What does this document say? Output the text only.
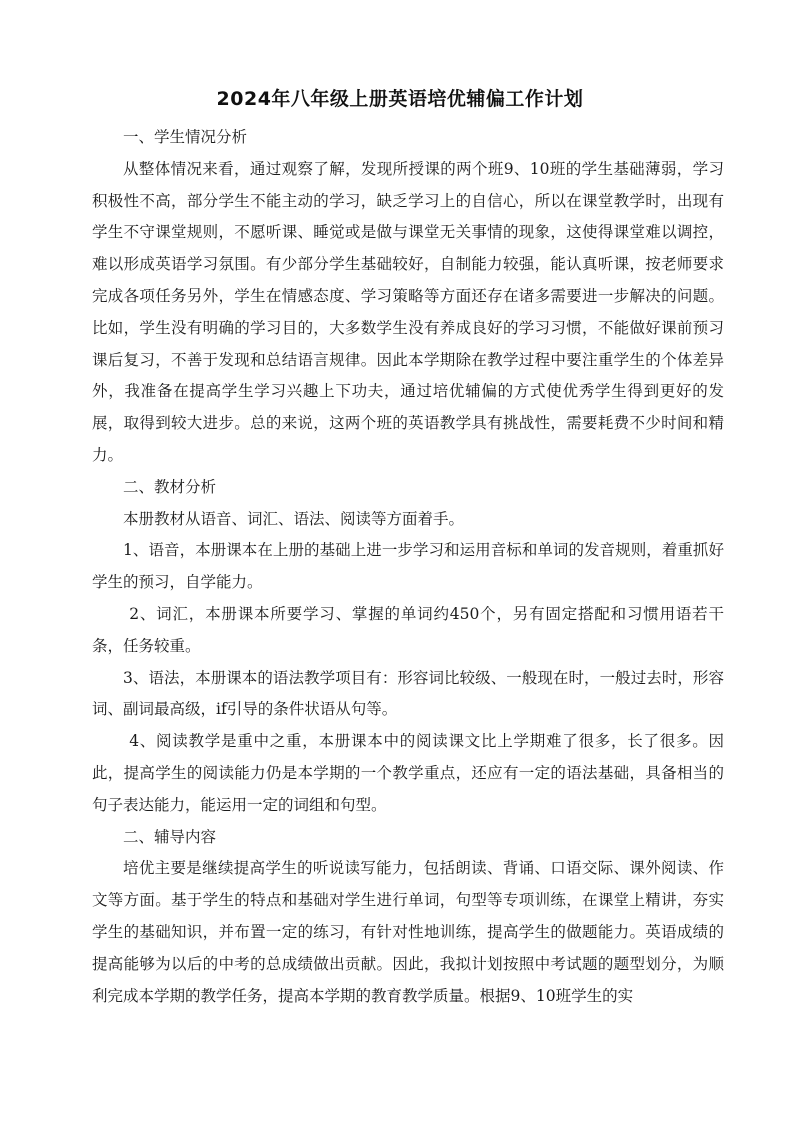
2024年八年级上册英语培优辅偏工作计划

一、学生情况分析

从整体情况来看，通过观察了解，发现所授课的两个班9、10班的学生基础薄弱，学习积极性不高，部分学生不能主动的学习，缺乏学习上的自信心，所以在课堂教学时，出现有学生不守课堂规则，不愿听课、睡觉或是做与课堂无关事情的现象，这使得课堂难以调控，难以形成英语学习氛围。有少部分学生基础较好，自制能力较强，能认真听课，按老师要求完成各项任务另外，学生在情感态度、学习策略等方面还存在诸多需要进一步解决的问题。比如，学生没有明确的学习目的，大多数学生没有养成良好的学习习惯，不能做好课前预习课后复习，不善于发现和总结语言规律。因此本学期除在教学过程中要注重学生的个体差异外，我准备在提高学生学习兴趣上下功夫，通过培优辅偏的方式使优秀学生得到更好的发展，取得到较大进步。总的来说，这两个班的英语教学具有挑战性，需要耗费不少时间和精力。

二、教材分析

本册教材从语音、词汇、语法、阅读等方面着手。

1、语音，本册课本在上册的基础上进一步学习和运用音标和单词的发音规则，着重抓好学生的预习，自学能力。

2、词汇，本册课本所要学习、掌握的单词约450个，另有固定搭配和习惯用语若干条，任务较重。

3、语法，本册课本的语法教学项目有：形容词比较级、一般现在时，一般过去时，形容词、副词最高级，if引导的条件状语从句等。

4、阅读教学是重中之重，本册课本中的阅读课文比上学期难了很多，长了很多。因此，提高学生的阅读能力仍是本学期的一个教学重点，还应有一定的语法基础，具备相当的句子表达能力，能运用一定的词组和句型。

二、辅导内容

培优主要是继续提高学生的听说读写能力，包括朗读、背诵、口语交际、课外阅读、作文等方面。基于学生的特点和基础对学生进行单词，句型等专项训练，在课堂上精讲，夯实学生的基础知识，并布置一定的练习，有针对性地训练，提高学生的做题能力。英语成绩的提高能够为以后的中考的总成绩做出贡献。因此，我拟计划按照中考试题的题型划分，为顺利完成本学期的教学任务，提高本学期的教育教学质量。根据9、10班学生的实
